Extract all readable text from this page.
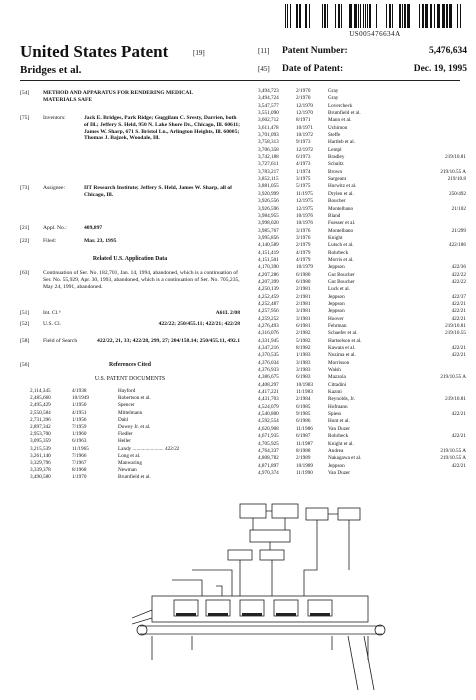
US005476634A
United States Patent	[19]
Bridges et al.
[11] Patent Number:	5,476,634
[45] Date of Patent:	Dec. 19, 1995
[54]	METHOD AND APPARATUS FOR RENDERING MEDICAL MATERIALS SAFE
[75]	Inventors:	Jack E. Bridges, Park Ridge; Guggilam C. Sresty, Darrien, both of Ill.; Jeffery S. Held, 950 N. Lake Shore Dr., Chicago, Ill. 60611; James W. Sharp, 671 S. Bristol Ln., Arlington Heights, Ill. 60005; Thomas J. Bajzek, Woodale, Ill.
[73]	Assignee:	IIT Research Institute; Jeffery S. Held, James W. Sharp, all of Chicago, Ill.
[21]	Appl. No.:	409,897
[22]	Filed:	Mar. 23, 1995
Related U.S. Application Data
[63]	Continuation of Ser. No. 182,701, Jan. 14, 1994, abandoned, which is a continuation of Ser. No. 55,929, Apr. 30, 1993, abandoned, which is a continuation of Ser. No. 705,235, May 24, 1991, abandoned.
[51]	Int. Cl.⁶	A61L 2/08
[52]	U.S. Cl.	422/22; 250/455.11; 422/21; 422/28
[58]	Field of Search	422/22, 21, 33; 422/28, 299, 27; 204/158.14; 250/455.11, 492.1
[56]	References Cited
U.S. PATENT DOCUMENTS
2,114,345	4/1938	Hayford
2,485,660	10/1949	Robertson et al.
2,495,429	1/1950	Spencer
2,550,584	4/1951	Mittelmann
2,731,396	1/1956	Dahl
2,897,342	7/1959	Dowey Jr. et al.
2,953,700	1/1960	Fiedler
3,095,359	6/1963	Heller
3,215,539	11/1965	Landy ........................ 422/22
3,261,140	7/1966	Long et al.
3,329,796	7/1967	Manwaring
3,339,378	8/1968	Newman
3,490,580	1/1970	Brumfield et al.
3,494,723	2/1970	Gray
3,494,724	2/1970	Gray
3,547,577	12/1970	Lovercheck
3,551,090	12/1970	Brumfield et al.
3,602,712	8/1971	Mann et al.
3,611,478	10/1971	Uchimon
3,701,093	10/1972	Steffe
3,758,313	9/1973	Hartleb et al.
3,706,358	12/1972	Lempl
3,742,188	6/1973	Bradley	219/10.81
3,727,611	4/1973	Schultz
3,783,217	1/1974	Brown	219/10.55 A
3,852,115	3/1975	Sargeant	219/10.8
3,881,055	5/1975	Hurwitz et al.
3,920,999	11/1975	Drylen et al.	250/492
3,926,556	12/1975	Boucher
3,926,596	12/1975	Montelbano	21/102
3,984,955	10/1976	Bland
3,998,020	10/1976	Fuesser et al.
3,985,767	3/1976	Montelbano	21/299
3,995,856	3/1976	Knight
4,140,589	2/1979	Lutsch et al.	422/186
4,151,419	4/1979	Rohrbeck
4,151,501	4/1979	Morris et al.
4,170,390	10/1979	Jeppson	422/36
4,207,286	6/1980	Gut Boucher	422/22
4,207,399	6/1980	Gut Boucher	422/22
4,250,139	2/1981	Luck et al.
4,252,459	2/1981	Jeppson	422/37
4,252,487	2/1981	Jeppson	422/21
4,257,956	3/1981	Jeppson	422/21
4,259,252	3/1981	Hoover	422/21
4,276,493	6/1981	Fehrman	219/10.81
4,316,076	2/1982	Schaefer et al.	219/10.55
4,331,945	5/1982	Hartselson et al.
4,347,216	8/1982	Kawata et al.	422/21
4,370,535	1/1983	Nozima et al.	422/21
4,376,034	3/1983	Morrisson
4,376,933	3/1983	Walsh
4,386,675	6/1983	Mazzola	219/10.55 A
4,408,297	10/1983	Cittadini
4,417,221	11/1983	Kazmi
4,431,703	2/1984	Reynolds, Jr.	219/10.81
4,524,079	6/1985	Hofmann
4,540,800	9/1985	Spiess	422/21
4,592,554	6/1986	Hunt et al.
4,620,908	11/1986	Van Duzer
4,671,935	6/1987	Rohrbeck	422/21
4,705,925	11/1987	Knight et al.
4,764,337	8/1988	Andrea	219/10.55 A
4,808,782	2/1989	Nakagawa et al.	219/10.55 A
4,871,897	10/1989	Jeppson	422/21
4,970,374	11/1990	Van Duzer
